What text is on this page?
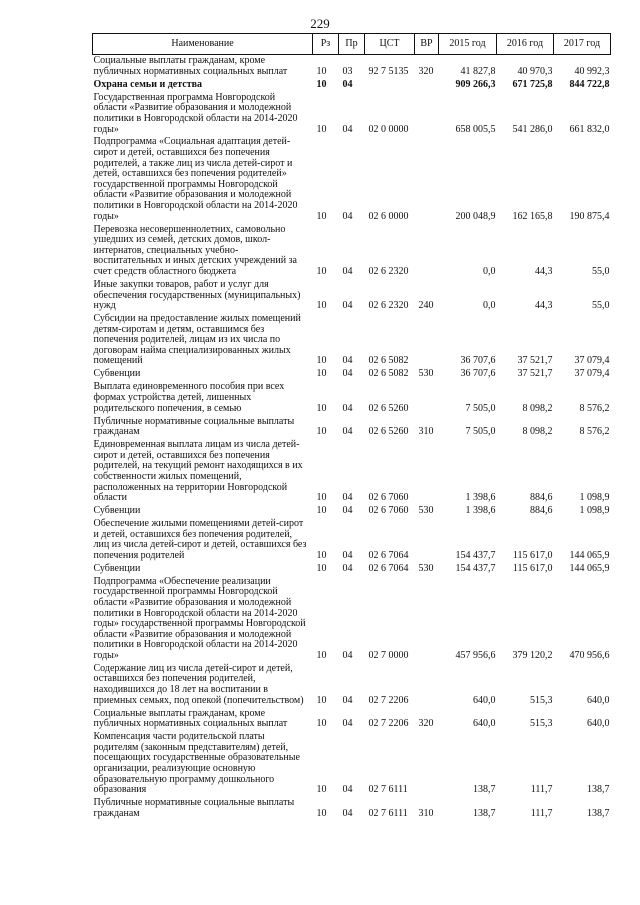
229
Наименование	Рз	Пр	ЦСТ	ВР	2015 год	2016 год	2017 год
Социальные выплаты гражданам, кроме публичных нормативных социальных выплат	10	03	92 7 5135	320	41 827,8	40 970,3	40 992,3
Охрана семьи и детства	10	04			909 266,3	671 725,8	844 722,8
Государственная программа Новгородской области «Развитие образования и молодежной политики в Новгородской области на 2014-2020 годы»	10	04	02 0 0000		658 005,5	541 286,0	661 832,0
Подпрограмма «Социальная адаптация детей-сирот и детей, оставшихся без попечения родителей, а также лиц из числа детей-сирот и детей, оставшихся без попечения родителей» государственной программы Новгородской области «Развитие образования и молодежной политики в Новгородской области на 2014-2020 годы»	10	04	02 6 0000		200 048,9	162 165,8	190 875,4
Перевозка несовершеннолетних, самовольно ушедших из семей, детских домов, школ-интернатов, специальных учебно-воспитательных и иных детских учреждений за счет средств областного бюджета	10	04	02 6 2320		0,0	44,3	55,0
Иные закупки товаров, работ и услуг для обеспечения государственных (муниципальных) нужд	10	04	02 6 2320	240	0,0	44,3	55,0
Субсидии на предоставление жилых помещений детям-сиротам и детям, оставшимся без попечения родителей, лицам из их числа по договорам найма специализированных жилых помещений	10	04	02 6 5082		36 707,6	37 521,7	37 079,4
Субвенции	10	04	02 6 5082	530	36 707,6	37 521,7	37 079,4
Выплата единовременного пособия при всех формах устройства детей, лишенных родительского попечения, в семью	10	04	02 6 5260		7 505,0	8 098,2	8 576,2
Публичные нормативные социальные выплаты гражданам	10	04	02 6 5260	310	7 505,0	8 098,2	8 576,2
Единовременная выплата лицам из числа детей-сирот и детей, оставшихся без попечения родителей, на текущий ремонт находящихся в их собственности жилых помещений, расположенных на территории Новгородской области	10	04	02 6 7060		1 398,6	884,6	1 098,9
Субвенции	10	04	02 6 7060	530	1 398,6	884,6	1 098,9
Обеспечение жилыми помещениями детей-сирот и детей, оставшихся без попечения родителей, лиц из числа детей-сирот и детей, оставшихся без попечения родителей	10	04	02 6 7064		154 437,7	115 617,0	144 065,9
Субвенции	10	04	02 6 7064	530	154 437,7	115 617,0	144 065,9
Подпрограмма «Обеспечение реализации государственной программы Новгородской области «Развитие образования и молодежной политики в Новгородской области на 2014-2020 годы» государственной программы Новгородской области «Развитие образования и молодежной политики в Новгородской области на 2014-2020 годы»	10	04	02 7 0000		457 956,6	379 120,2	470 956,6
Содержание лиц из числа детей-сирот и детей, оставшихся без попечения родителей, находившихся до 18 лет на воспитании в приемных семьях, под опекой (попечительством)	10	04	02 7 2206		640,0	515,3	640,0
Социальные выплаты гражданам, кроме публичных нормативных социальных выплат	10	04	02 7 2206	320	640,0	515,3	640,0
Компенсация части родительской платы родителям (законным представителям) детей, посещающих государственные образовательные организации, реализующие основную образовательную программу дошкольного образования	10	04	02 7 6111		138,7	111,7	138,7
Публичные нормативные социальные выплаты гражданам	10	04	02 7 6111	310	138,7	111,7	138,7
